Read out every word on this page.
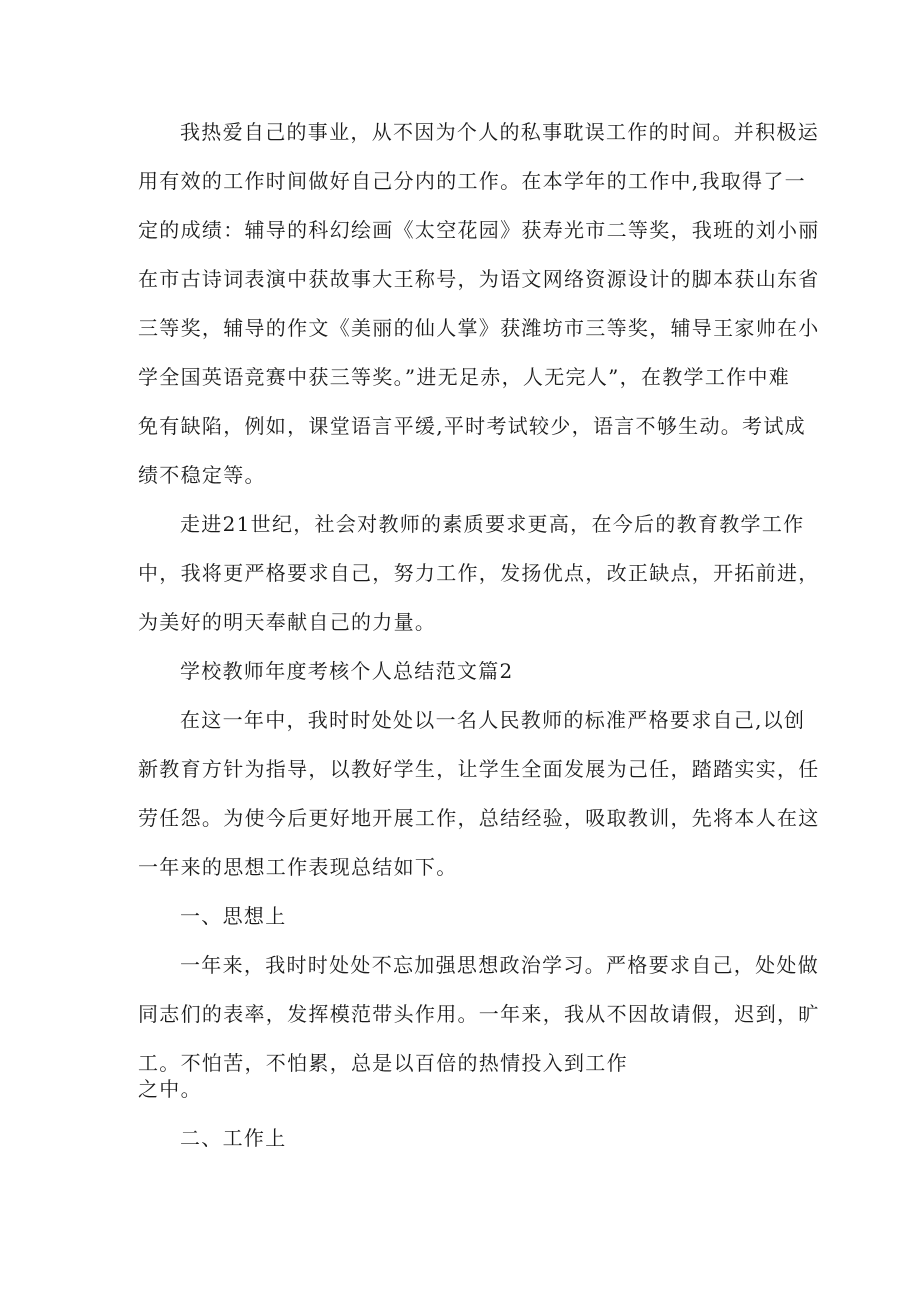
我热爱自己的事业，从不因为个人的私事耽误工作的时间。并积极运
用有效的工作时间做好自己分内的工作。在本学年的工作中,我取得了一
定的成绩：辅导的科幻绘画《太空花园》获寿光市二等奖，我班的刘小丽
在市古诗词表演中获故事大王称号，为语文网络资源设计的脚本获山东省
三等奖，辅导的作文《美丽的仙人掌》获潍坊市三等奖，辅导王家帅在小
学全国英语竞赛中获三等奖。”进无足赤，人无完人”，在教学工作中难
免有缺陷，例如，课堂语言平缓,平时考试较少，语言不够生动。考试成
绩不稳定等。
走进21世纪，社会对教师的素质要求更高，在今后的教育教学工作
中，我将更严格要求自己，努力工作，发扬优点，改正缺点，开拓前进，
为美好的明天奉献自己的力量。
学校教师年度考核个人总结范文篇2
在这一年中，我时时处处以一名人民教师的标准严格要求自己,以创
新教育方针为指导，以教好学生，让学生全面发展为己任，踏踏实实，任
劳任怨。为使今后更好地开展工作，总结经验，吸取教训，先将本人在这
一年来的思想工作表现总结如下。
一、思想上
一年来，我时时处处不忘加强思想政治学习。严格要求自己，处处做
同志们的表率，发挥模范带头作用。一年来，我从不因故请假，迟到，旷
工。不怕苦，不怕累，总是以百倍的热情投入到工作
之中。
二、工作上
